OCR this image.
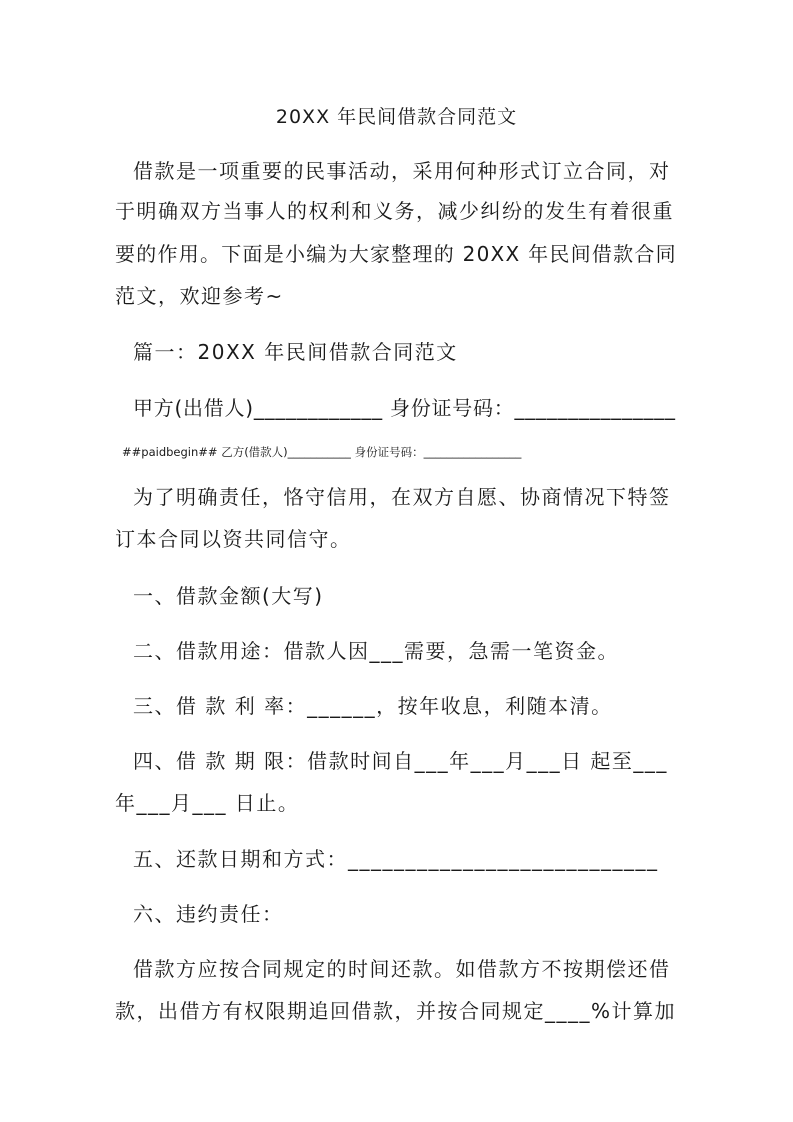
20XX 年民间借款合同范文
借款是一项重要的民事活动，采用何种形式订立合同，对
于明确双方当事人的权利和义务，减少纠纷的发生有着很重
要的作用。下面是小编为大家整理的 20XX 年民间借款合同
范文，欢迎参考~
篇一：20XX 年民间借款合同范文
甲方(出借人)____________ 身份证号码：_______________
##paidbegin## 乙方(借款人)___________ 身份证号码：_________________
为了明确责任，恪守信用，在双方自愿、协商情况下特签
订本合同以资共同信守。
一、借款金额(大写)
二、借款用途：借款人因___需要，急需一笔资金。
三、借 款 利 率：______，按年收息，利随本清。
四、借 款 期 限：借款时间自___年___月___日 起至___
年___月___ 日止。
五、还款日期和方式：___________________________
六、违约责任：
借款方应按合同规定的时间还款。如借款方不按期偿还借
款，出借方有权限期追回借款，并按合同规定____%计算加
